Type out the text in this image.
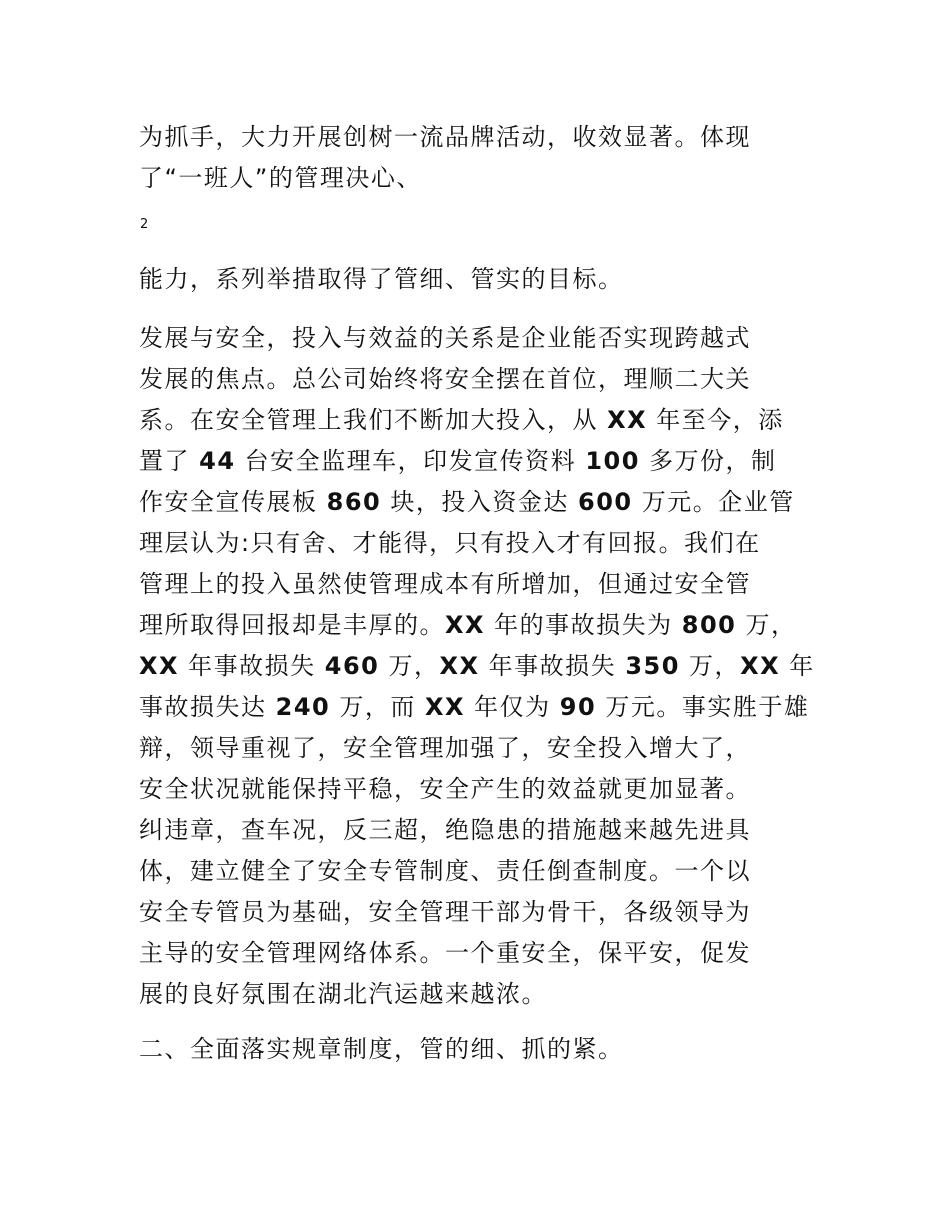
为抓手，大力开展创树一流品牌活动，收效显著。体现
了“一班人”的管理决心、
2
能力，系列举措取得了管细、管实的目标。
发展与安全，投入与效益的关系是企业能否实现跨越式
发展的焦点。总公司始终将安全摆在首位，理顺二大关
系。在安全管理上我们不断加大投入，从 XX 年至今，添
置了 44 台安全监理车，印发宣传资料 100 多万份，制
作安全宣传展板 860 块，投入资金达 600 万元。企业管
理层认为:只有舍、才能得，只有投入才有回报。我们在
管理上的投入虽然使管理成本有所增加，但通过安全管
理所取得回报却是丰厚的。XX 年的事故损失为 800 万，
XX 年事故损失 460 万，XX 年事故损失 350 万，XX 年
事故损失达 240 万，而 XX 年仅为 90 万元。事实胜于雄
辩，领导重视了，安全管理加强了，安全投入增大了，
安全状况就能保持平稳，安全产生的效益就更加显著。
纠违章，查车况，反三超，绝隐患的措施越来越先进具
体，建立健全了安全专管制度、责任倒查制度。一个以
安全专管员为基础，安全管理干部为骨干，各级领导为
主导的安全管理网络体系。一个重安全，保平安，促发
展的良好氛围在湖北汽运越来越浓。
二、全面落实规章制度，管的细、抓的紧。
